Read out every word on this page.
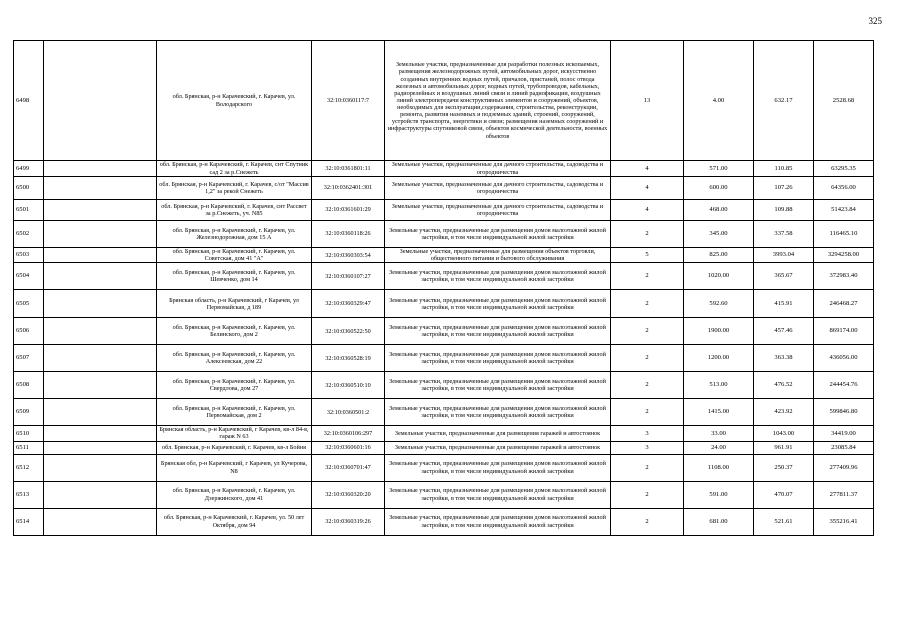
325
6498		обл. Брянская, р-н Карачевский, г. Карачев, ул. Володарского	32:10:0360117:7	Земельные участки, предназначенные для разработки полезных ископаемых, размещения железнодорожных путей, автомобильных дорог, искусственно созданных внутренних водных путей, причалов, пристаней, полос отвода железных и автомобильных дорог, водных путей, трубопроводов, кабельных, радиорелейных и воздушных линий связи и линий радиофикации, воздушных линий электропередачи конструктивных элементов и сооружений, объектов, необходимых для эксплуатации,содержания, строительства, реконструкции, ремонта, развития наземных и подземных зданий, строений, сооружений, устройств транспорта, энергетики и связи; размещения наземных сооружений и инфраструктуры спутниковой связи, объектов космической деятельности, военных объектов	13	4.00	632.17	2528.68
6499		обл. Брянская, р-н Карачевский, г. Карачев, снт Спутник сад 2 за р.Снежеть	32:10:0361801:11	Земельные участки, предназначенные для дачного строительства, садоводства и огородничества	4	571.00	110.85	63295.35
6500		обл. Брянская, р-н Карачевский, г. Карачев, с/от "Массив 1,2" за рекой Снежеть	32:10:0362401:301	Земельные участки, предназначенные для дачного строительства, садоводства и огородничества	4	600.00	107.26	64356.00
6501		обл. Брянская, р-н Карачевский, г. Карачев, снт Рассвет за р.Снежеть, уч. N85	32:10:0361601:29	Земельные участки, предназначенные для дачного строительства, садоводства и огородничества	4	468.00	109.88	51423.84
6502		обл. Брянская, р-н Карачевский, г. Карачев, ул. Железнодорожная, дом 15 А	32:10:0360118:26	Земельные участки, предназначенные для размещения домов малоэтажной жилой застройки, в том числе индивидуальной жилой застройки	2	345.00	337.58	116465.10
6503		обл. Брянская, р-н Карачевский, г. Карачев, ул. Советская, дом 41 "А"	32:10:0360303:54	Земельные участки, предназначенные для размещения объектов торговли, общественного питания и бытового обслуживания	5	825.00	3993.04	3294258.00
6504		обл. Брянская, р-н Карачевский, г. Карачев, ул. Шевченко, дом 14	32:10:0360107:27	Земельные участки, предназначенные для размещения домов малоэтажной жилой застройки, в том числе индивидуальной жилой застройки	2	1020.00	365.67	372983.40
6505		Брянская область, р-н Карачевский, г Карачев, ул Первомайская, д 189	32:10:0360329:47	Земельные участки, предназначенные для размещения домов малоэтажной жилой застройки, в том числе индивидуальной жилой застройки	2	592.60	415.91	246468.27
6506		обл. Брянская, р-н Карачевский, г. Карачев, ул. Белинского, дом 2	32:10:0360522:50	Земельные участки, предназначенные для размещения домов малоэтажной жилой застройки, в том числе индивидуальной жилой застройки	2	1900.00	457.46	869174.00
6507		обл. Брянская, р-н Карачевский, г. Карачев, ул. Алексеевская, дом 22	32:10:0360528:19	Земельные участки, предназначенные для размещения домов малоэтажной жилой застройки, в том числе индивидуальной жилой застройки	2	1200.00	363.38	436056.00
6508		обл. Брянская, р-н Карачевский, г. Карачев, ул. Свердлова, дом 27	32:10:0360510:10	Земельные участки, предназначенные для размещения домов малоэтажной жилой застройки, в том числе индивидуальной жилой застройки	2	513.00	476.52	244454.76
6509		обл. Брянская, р-н Карачевский, г. Карачев, ул. Первомайская, дом 2	32:10:0360501:2	Земельные участки, предназначенные для размещения домов малоэтажной жилой застройки, в том числе индивидуальной жилой застройки	2	1415.00	423.92	599846.80
6510		Брянская область, р-н Карачевский, г Карачев, кв-л 84-в, гараж N 63	32:10:0360106:297	Земельные участки, предназначенные для размещения гаражей и автостоянок	3	33.00	1043.00	34419.00
6511		обл. Брянская, р-н Карачевский, г. Карачев, кв-л Бойня	32:10:0360601:16	Земельные участки, предназначенные для размещения гаражей и автостоянок	3	24.00	961.91	23085.84
6512		Брянская обл, р-н Карачевский, г Карачев, ул Кучерова, N8	32:10:0360701:47	Земельные участки, предназначенные для размещения домов малоэтажной жилой застройки, в том числе индивидуальной жилой застройки	2	1108.00	250.37	277409.96
6513		обл. Брянская, р-н Карачевский, г. Карачев, ул. Дзержинского, дом 41	32:10:0360320:20	Земельные участки, предназначенные для размещения домов малоэтажной жилой застройки, в том числе индивидуальной жилой застройки	2	591.00	470.07	277811.37
6514		обл. Брянская, р-н Карачевский, г. Карачев, ул. 50 лет Октября, дом 94	32:10:0360319:26	Земельные участки, предназначенные для размещения домов малоэтажной жилой застройки, в том числе индивидуальной жилой застройки	2	681.00	521.61	355216.41
